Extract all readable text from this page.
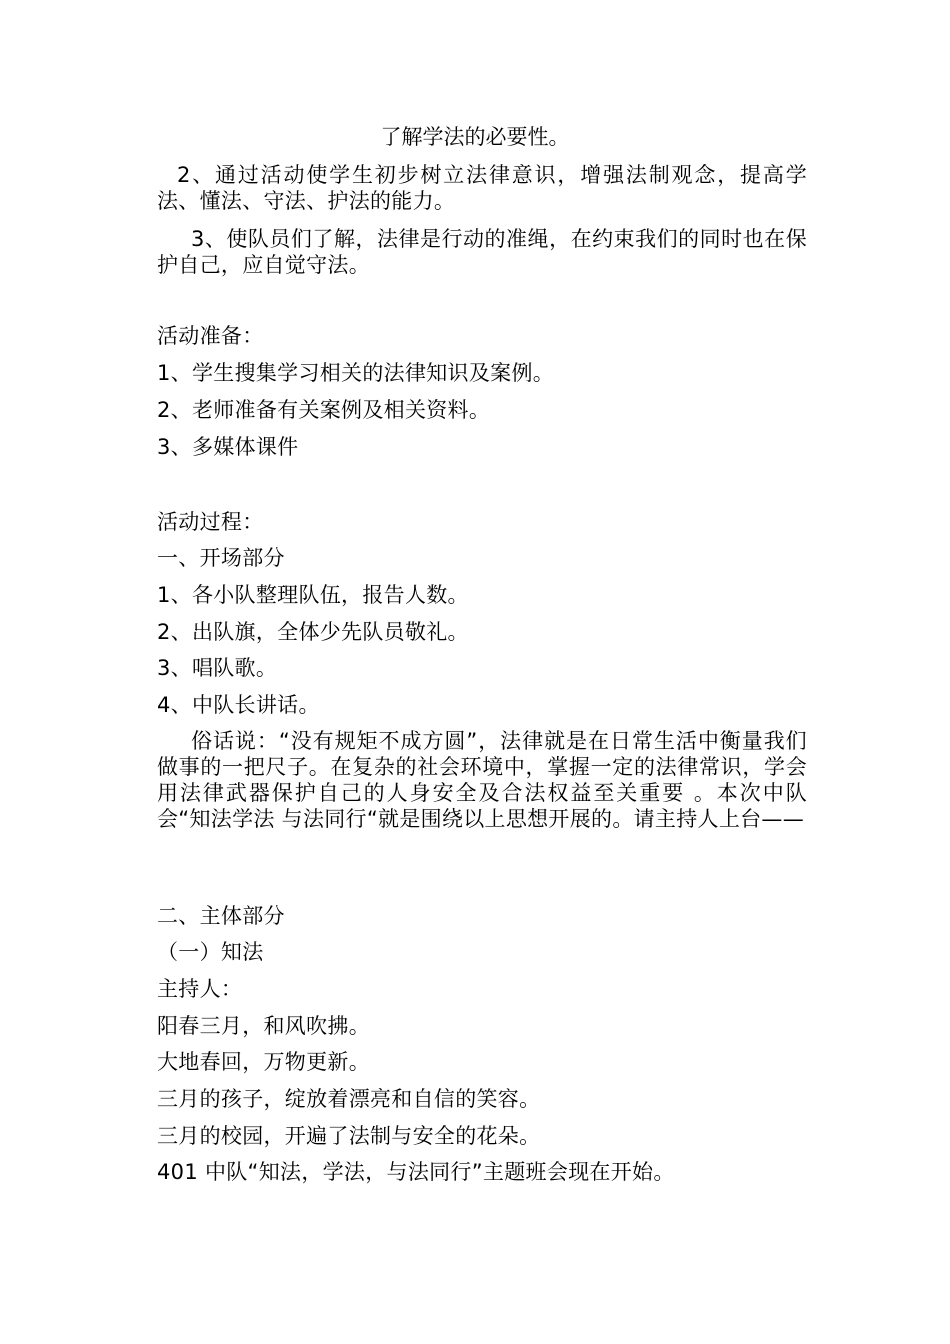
了解学法的必要性。
2、通过活动使学生初步树立法律意识，增强法制观念，提高学法、懂法、守法、护法的能力。
3、使队员们了解，法律是行动的准绳，在约束我们的同时也在保护自己，应自觉守法。
活动准备：
1、学生搜集学习相关的法律知识及案例。
2、老师准备有关案例及相关资料。
3、多媒体课件
活动过程：
一、开场部分
1、各小队整理队伍，报告人数。
2、出队旗，全体少先队员敬礼。
3、唱队歌。
4、中队长讲话。
俗话说：“没有规矩不成方圆”，法律就是在日常生活中衡量我们做事的一把尺子。在复杂的社会环境中，掌握一定的法律常识，学会用法律武器保护自己的人身安全及合法权益至关重要 。本次中队会“知法学法 与法同行“就是围绕以上思想开展的。请主持人上台——
二、主体部分
（一）知法
主持人：
阳春三月，和风吹拂。
大地春回，万物更新。
三月的孩子，绽放着漂亮和自信的笑容。
三月的校园，开遍了法制与安全的花朵。
401 中队“知法，学法，与法同行”主题班会现在开始。
